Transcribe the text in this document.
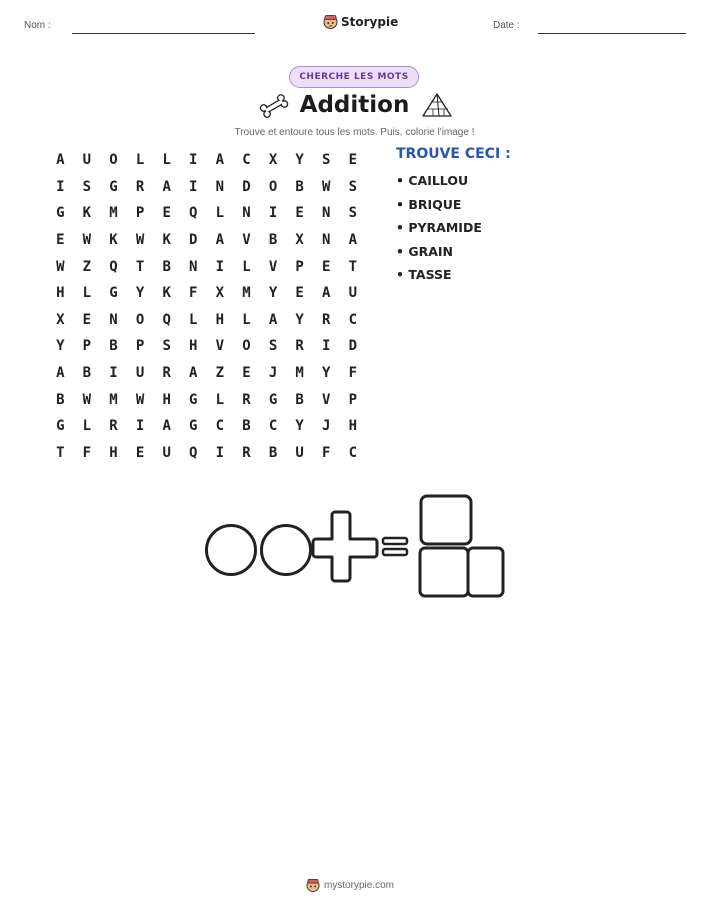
Nom :	Storypie	Date :
CHERCHE LES MOTS
Addition
Trouve et entoure tous les mots. Puis, colorie l'image !
A	U	O	L	L	I	A	C	X	Y	S	E
I	S	G	R	A	I	N	D	O	B	W	S
G	K	M	P	E	Q	L	N	I	E	N	S
E	W	K	W	K	D	A	V	B	X	N	A
W	Z	Q	T	B	N	I	L	V	P	E	T
H	L	G	Y	K	F	X	M	Y	E	A	U
X	E	N	O	Q	L	H	L	A	Y	R	C
Y	P	B	P	S	H	V	O	S	R	I	D
A	B	I	U	R	A	Z	E	J	M	Y	F
B	W	M	W	H	G	L	R	G	B	V	P
G	L	R	I	A	G	C	B	C	Y	J	H
T	F	H	E	U	Q	I	R	B	U	F	C
TROUVE CECI :
• CAILLOU
• BRIQUE
• PYRAMIDE
• GRAIN
• TASSE
mystorypie.com
